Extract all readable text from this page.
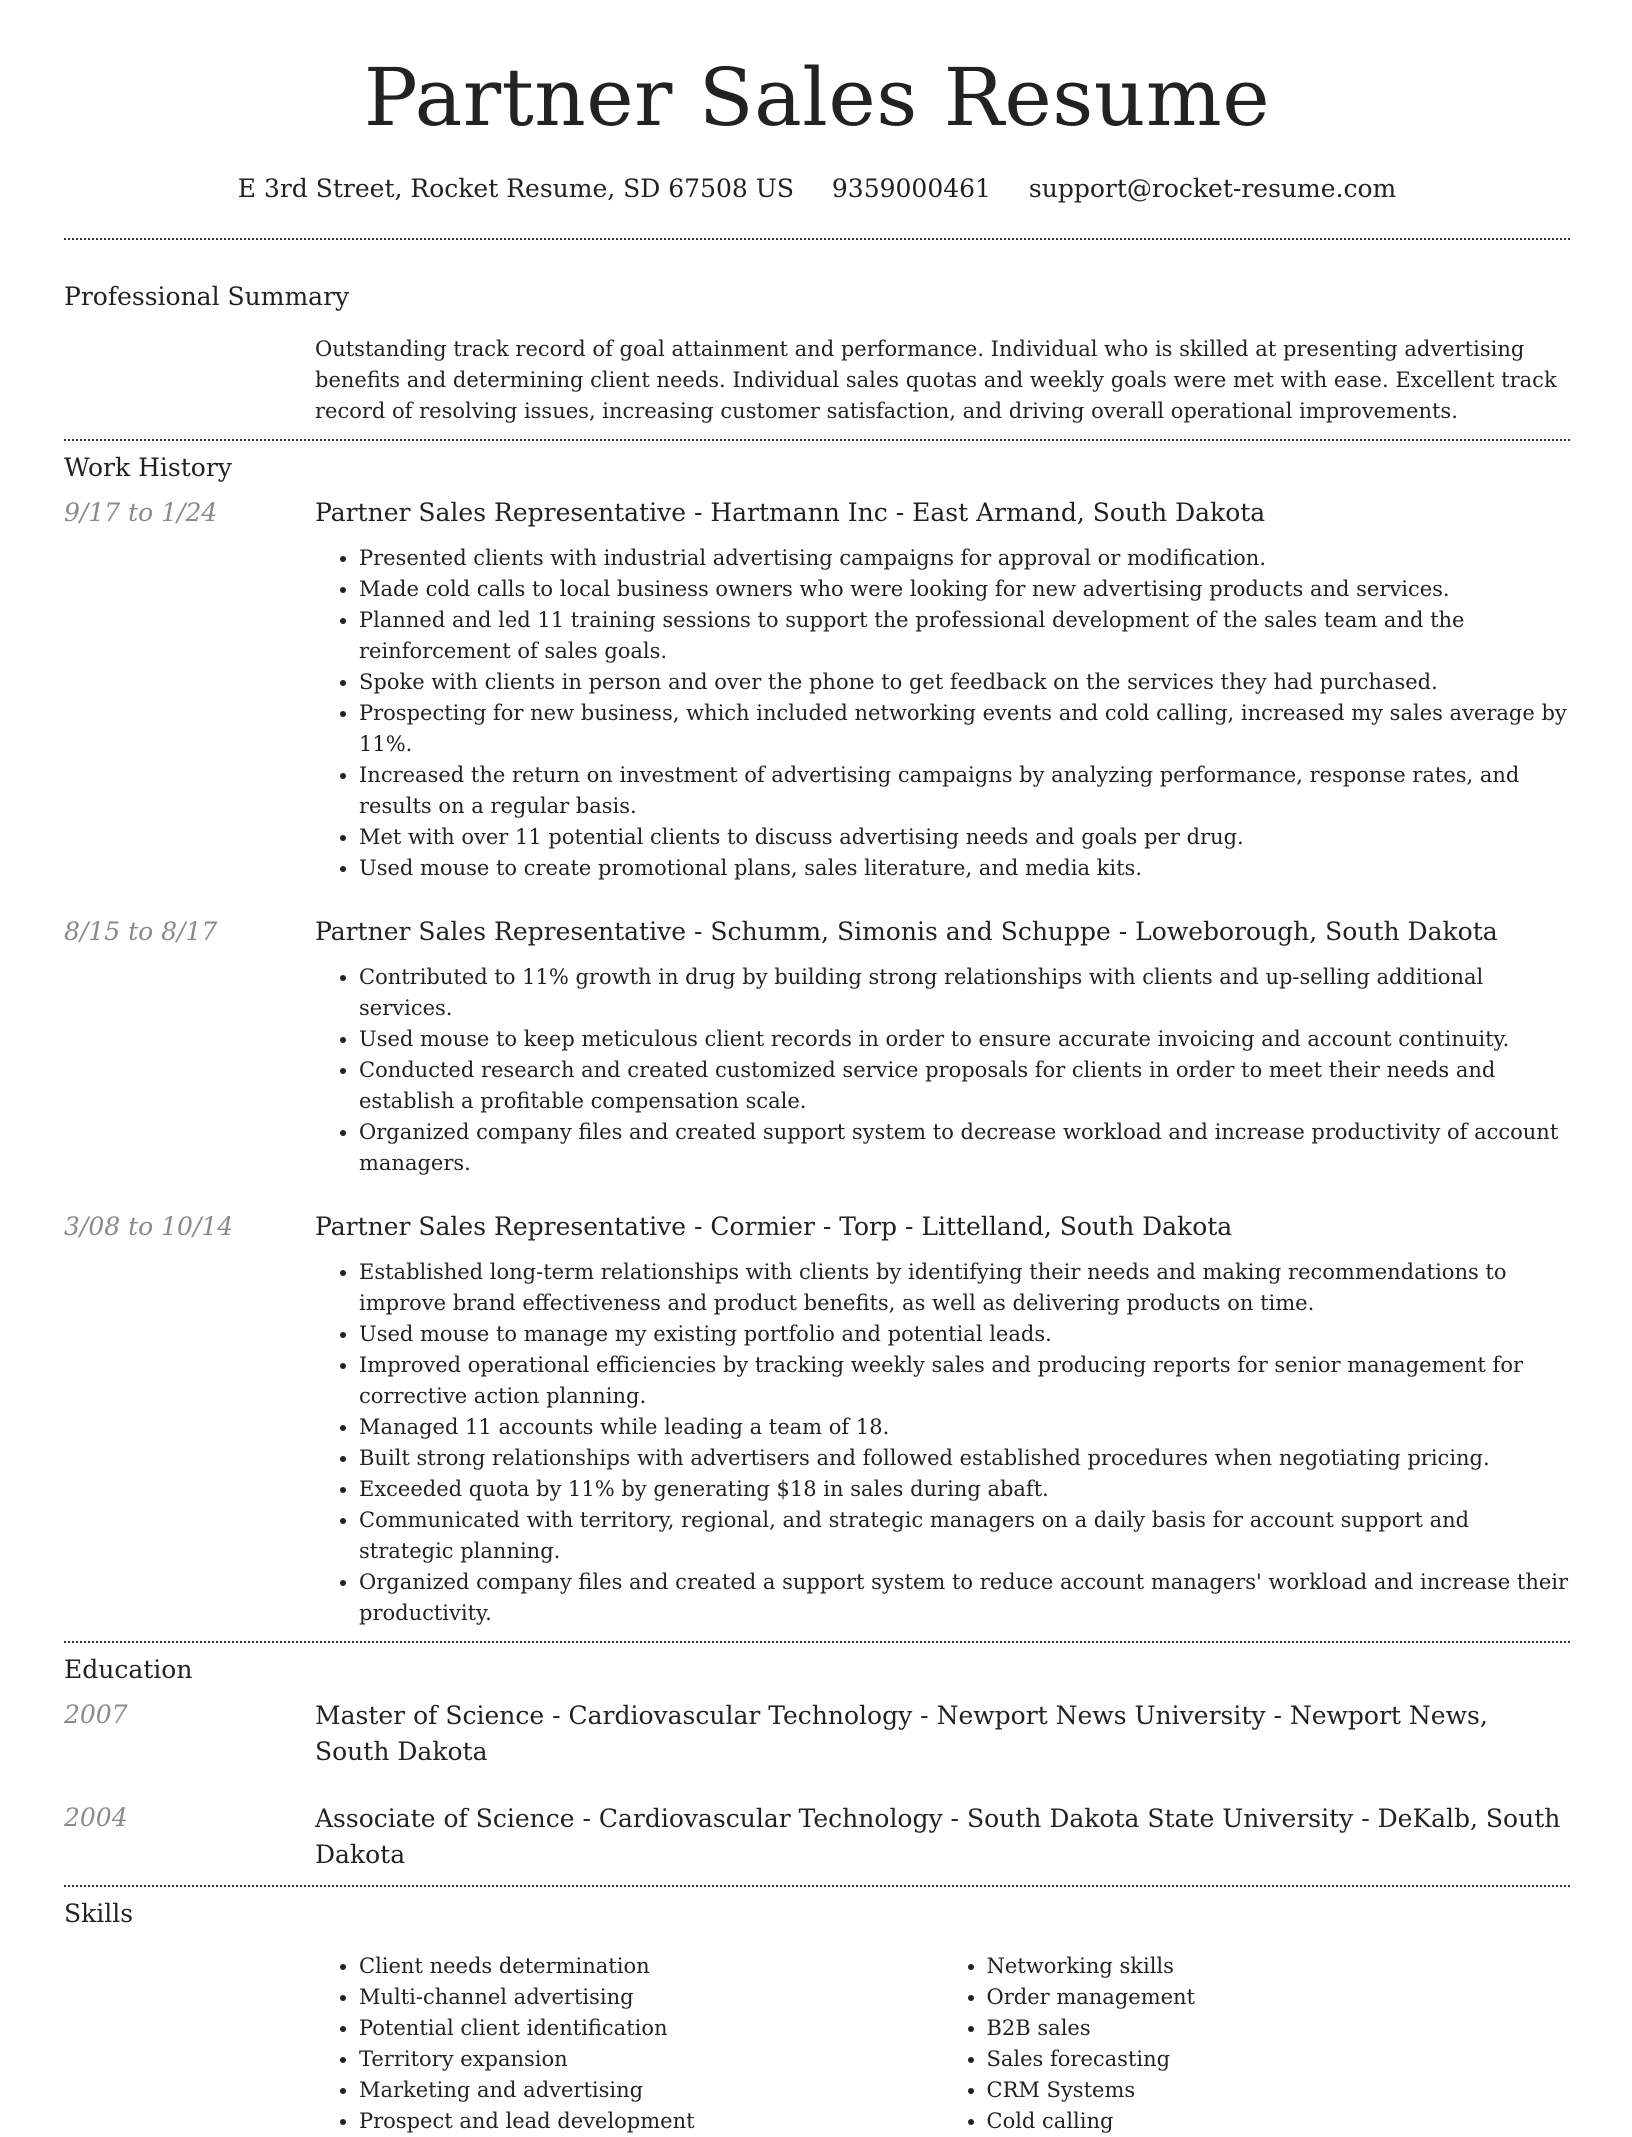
Partner Sales Resume
E 3rd Street, Rocket Resume, SD 67508 US 9359000461 support@rocket-resume.com
Professional Summary
Outstanding track record of goal attainment and performance. Individual who is skilled at presenting advertising benefits and determining client needs. Individual sales quotas and weekly goals were met with ease. Excellent track record of resolving issues, increasing customer satisfaction, and driving overall operational improvements.
Work History
9/17 to 1/24	Partner Sales Representative - Hartmann Inc - East Armand, South Dakota
• Presented clients with industrial advertising campaigns for approval or modification.
• Made cold calls to local business owners who were looking for new advertising products and services.
• Planned and led 11 training sessions to support the professional development of the sales team and the reinforcement of sales goals.
• Spoke with clients in person and over the phone to get feedback on the services they had purchased.
• Prospecting for new business, which included networking events and cold calling, increased my sales average by 11%.
• Increased the return on investment of advertising campaigns by analyzing performance, response rates, and results on a regular basis.
• Met with over 11 potential clients to discuss advertising needs and goals per drug.
• Used mouse to create promotional plans, sales literature, and media kits.
8/15 to 8/17	Partner Sales Representative - Schumm, Simonis and Schuppe - Loweborough, South Dakota
• Contributed to 11% growth in drug by building strong relationships with clients and up-selling additional services.
• Used mouse to keep meticulous client records in order to ensure accurate invoicing and account continuity.
• Conducted research and created customized service proposals for clients in order to meet their needs and establish a profitable compensation scale.
• Organized company files and created support system to decrease workload and increase productivity of account managers.
3/08 to 10/14	Partner Sales Representative - Cormier - Torp - Littelland, South Dakota
• Established long-term relationships with clients by identifying their needs and making recommendations to improve brand effectiveness and product benefits, as well as delivering products on time.
• Used mouse to manage my existing portfolio and potential leads.
• Improved operational efficiencies by tracking weekly sales and producing reports for senior management for corrective action planning.
• Managed 11 accounts while leading a team of 18.
• Built strong relationships with advertisers and followed established procedures when negotiating pricing.
• Exceeded quota by 11% by generating $18 in sales during abaft.
• Communicated with territory, regional, and strategic managers on a daily basis for account support and strategic planning.
• Organized company files and created a support system to reduce account managers' workload and increase their productivity.
Education
2007	Master of Science - Cardiovascular Technology - Newport News University - Newport News, South Dakota
2004	Associate of Science - Cardiovascular Technology - South Dakota State University - DeKalb, South Dakota
Skills
• Client needs determination
• Multi-channel advertising
• Potential client identification
• Territory expansion
• Marketing and advertising
• Prospect and lead development
• Networking skills
• Order management
• B2B sales
• Sales forecasting
• CRM Systems
• Cold calling
